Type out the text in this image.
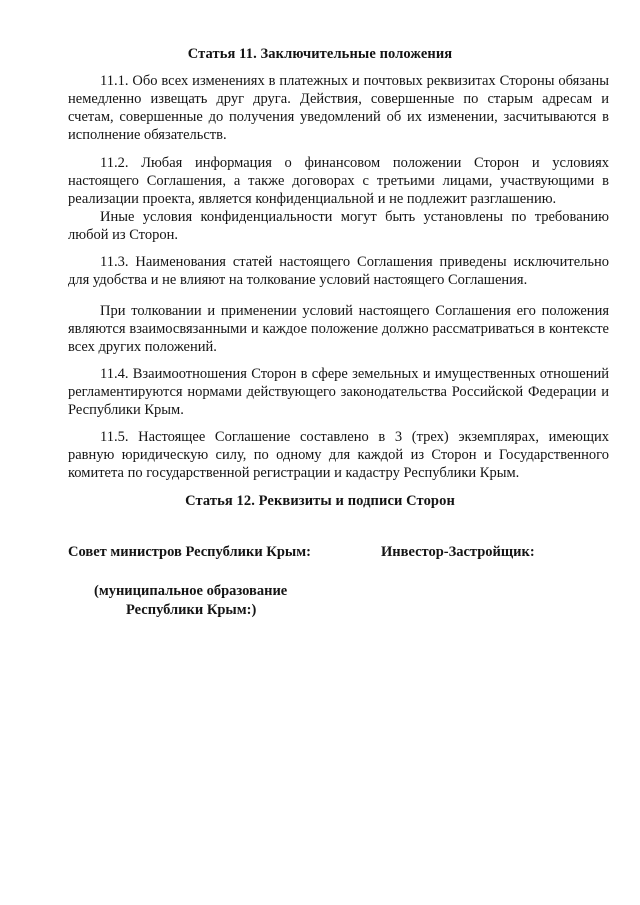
Статья 11. Заключительные положения

11.1. Обо всех изменениях в платежных и почтовых реквизитах Стороны обязаны немедленно извещать друг друга. Действия, совершенные по старым адресам и счетам, совершенные до получения уведомлений об их изменении, засчитываются в исполнение обязательств.

11.2. Любая информация о финансовом положении Сторон и условиях настоящего Соглашения, а также договорах с третьими лицами, участвующими в реализации проекта, является конфиденциальной и не подлежит разглашению.

Иные условия конфиденциальности могут быть установлены по требованию любой из Сторон.

11.3. Наименования статей настоящего Соглашения приведены исключительно для удобства и не влияют на толкование условий настоящего Соглашения.

При толковании и применении условий настоящего Соглашения его положения являются взаимосвязанными и каждое положение должно рассматриваться в контексте всех других положений.

11.4. Взаимоотношения Сторон в сфере земельных и имущественных отношений регламентируются нормами действующего законодательства Российской Федерации и Республики Крым.

11.5. Настоящее Соглашение составлено в 3 (трех) экземплярах, имеющих равную юридическую силу, по одному для каждой из Сторон и Государственного комитета по государственной регистрации и кадастру Республики Крым.

Статья 12. Реквизиты и подписи Сторон

Совет министров Республики Крым:	Инвестор-Застройщик:

(муниципальное образование

Республики Крым:)
